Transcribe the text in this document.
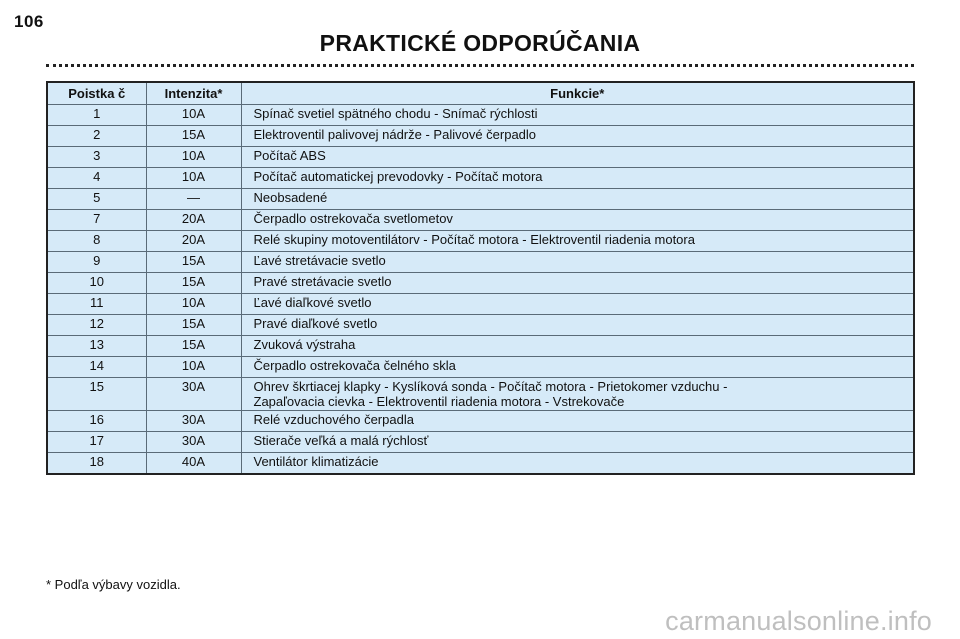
106
PRAKTICKÉ ODPORÚČANIA
Poistka č	Intenzita*	Funkcie*
1	10A	Spínač svetiel spätného chodu - Snímač rýchlosti

2	15A	Elektroventil palivovej nádrže - Palivové čerpadlo

3	10A	Počítač ABS

4	10A	Počítač automatickej prevodovky - Počítač motora

5	—	Neobsadené

7	20A	Čerpadlo ostrekovača svetlometov

8	20A	Relé skupiny motoventilátorv - Počítač motora - Elektroventil riadenia motora

9	15A	Ľavé stretávacie svetlo

10	15A	Pravé stretávacie svetlo

11	10A	Ľavé diaľkové svetlo

12	15A	Pravé diaľkové svetlo

13	15A	Zvuková výstraha

14	10A	Čerpadlo ostrekovača čelného skla

15	30A	Ohrev škrtiacej klapky - Kyslíková sonda - Počítač motora - Prietokomer vzduchu -
Zapaľovacia cievka - Elektroventil riadenia motora - Vstrekovače

16	30A	Relé vzduchového čerpadla

17	30A	Stierače veľká a malá rýchlosť

18	40A	Ventilátor klimatizácie
* Podľa výbavy vozidla.
carmanualsonline.info
